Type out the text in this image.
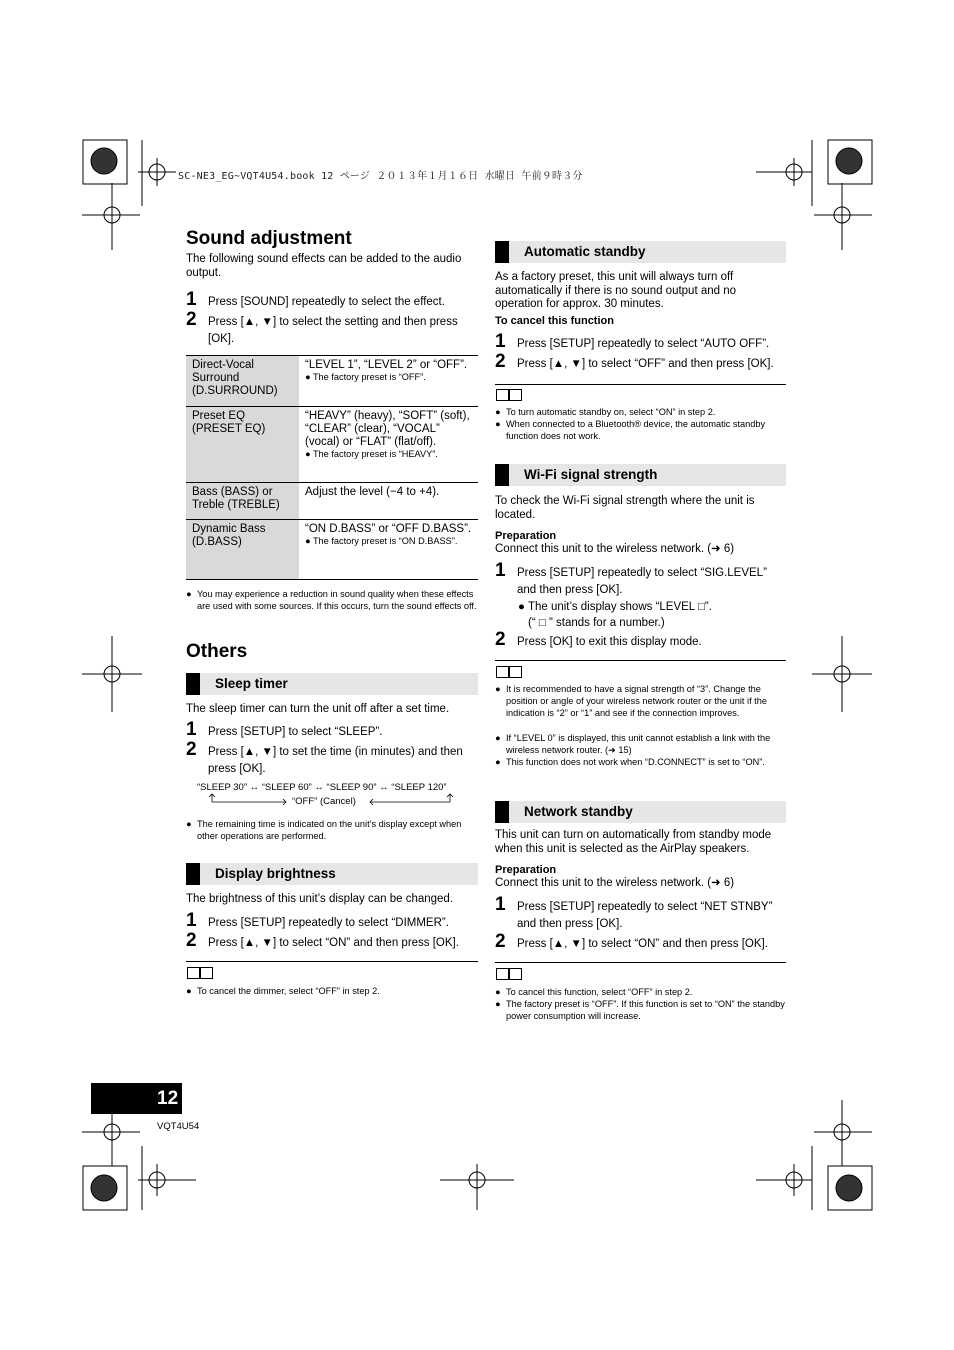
SC-NE3_EG~VQT4U54.book 12 ページ ２０１３年１月１６日 水曜日 午前９時３分
Sound adjustment
The following sound effects can be added to the audio output.
1 Press [SOUND] repeatedly to select the effect.
2 Press [▲, ▼] to select the setting and then press [OK].
Direct-Vocal Surround (D.SURROUND)	“LEVEL 1”, “LEVEL 2” or “OFF”.
● The factory preset is “OFF”.

Preset EQ (PRESET EQ)	“HEAVY” (heavy), “SOFT” (soft), “CLEAR” (clear), “VOCAL” (vocal) or “FLAT” (flat/off).
● The factory preset is “HEAVY”.

Bass (BASS) or Treble (TREBLE)	Adjust the level (−4 to +4).
Dynamic Bass (D.BASS)	“ON D.BASS” or “OFF D.BASS”.
● The factory preset is “ON D.BASS”.
● You may experience a reduction in sound quality when these effects are used with some sources. If this occurs, turn the sound effects off.
Others
Sleep timer
The sleep timer can turn the unit off after a set time.
1 Press [SETUP] to select “SLEEP”.
2 Press [▲, ▼] to set the time (in minutes) and then press [OK].
“SLEEP 30” ↔ “SLEEP 60” ↔ “SLEEP 90” ↔ “SLEEP 120”
“OFF” (Cancel)
● The remaining time is indicated on the unit’s display except when other operations are performed.
Display brightness
The brightness of this unit’s display can be changed.
1 Press [SETUP] repeatedly to select “DIMMER”.
2 Press [▲, ▼] to select “ON” and then press [OK].
● To cancel the dimmer, select “OFF” in step 2.
Automatic standby
As a factory preset, this unit will always turn off automatically if there is no sound output and no operation for approx. 30 minutes.
To cancel this function
1 Press [SETUP] repeatedly to select “AUTO OFF”.
2 Press [▲, ▼] to select “OFF” and then press [OK].
● To turn automatic standby on, select “ON” in step 2.
● When connected to a Bluetooth® device, the automatic standby function does not work.
Wi-Fi signal strength
To check the Wi-Fi signal strength where the unit is located.
Preparation
Connect this unit to the wireless network. (➜ 6)
1 Press [SETUP] repeatedly to select “SIG.LEVEL” and then press [OK].
● The unit’s display shows “LEVEL □”.
(“ □ ” stands for a number.)
2 Press [OK] to exit this display mode.
● It is recommended to have a signal strength of “3”. Change the position or angle of your wireless network router or the unit if the indication is “2” or “1” and see if the connection improves.
● If “LEVEL 0” is displayed, this unit cannot establish a link with the wireless network router. (➜ 15)
● This function does not work when “D.CONNECT” is set to “ON”.
Network standby
This unit can turn on automatically from standby mode when this unit is selected as the AirPlay speakers.
Preparation
Connect this unit to the wireless network. (➜ 6)
1 Press [SETUP] repeatedly to select “NET STNBY” and then press [OK].
2 Press [▲, ▼] to select “ON” and then press [OK].
● To cancel this function, select “OFF” in step 2.
● The factory preset is “OFF”. If this function is set to “ON” the standby power consumption will increase.
12
VQT4U54
